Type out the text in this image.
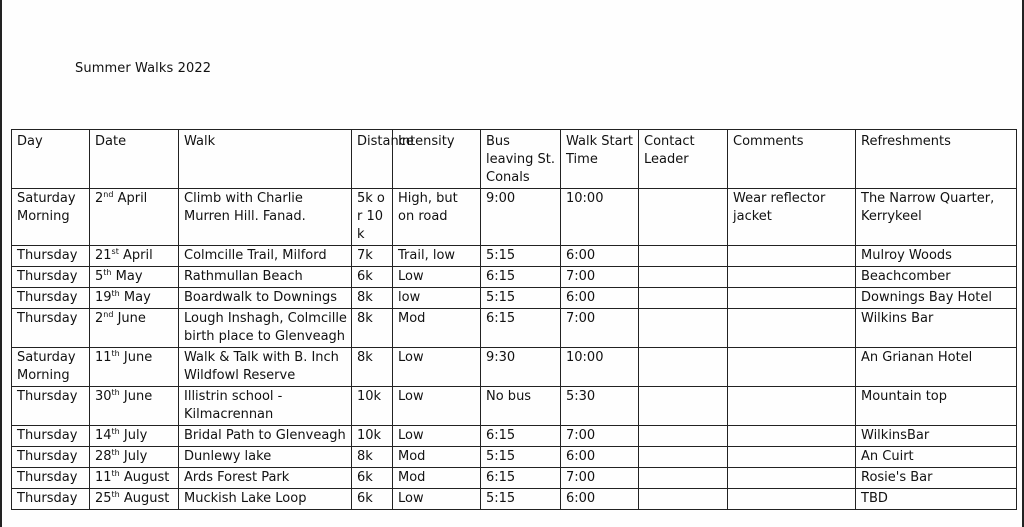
Summer Walks 2022
Day	Date	Walk	Distance	Intensity	Bus leaving St. Conals	Walk Start Time	Contact Leader	Comments	Refreshments
Saturday Morning	2nd April	Climb with Charlie Murren Hill. Fanad.	5k or 10k	High, but on road	9:00	10:00		Wear reflector jacket	The Narrow Quarter, Kerrykeel
Thursday	21st April	Colmcille Trail, Milford	7k	Trail, low	5:15	6:00			Mulroy Woods
Thursday	5th May	Rathmullan Beach	6k	Low	6:15	7:00			Beachcomber
Thursday	19th May	Boardwalk to Downings	8k	low	5:15	6:00			Downings Bay Hotel
Thursday	2nd June	Lough Inshagh, Colmcille birth place to Glenveagh	8k	Mod	6:15	7:00			Wilkins Bar
Saturday Morning	11th June	Walk & Talk with B. Inch Wildfowl Reserve	8k	Low	9:30	10:00			An Grianan Hotel
Thursday	30th June	Illistrin school - Kilmacrennan	10k	Low	No bus	5:30			Mountain top
Thursday	14th July	Bridal Path to Glenveagh	10k	Low	6:15	7:00			WilkinsBar
Thursday	28th July	Dunlewy lake	8k	Mod	5:15	6:00			An Cuirt
Thursday	11th August	Ards Forest Park	6k	Mod	6:15	7:00			Rosie's Bar
Thursday	25th August	Muckish Lake Loop	6k	Low	5:15	6:00			TBD
